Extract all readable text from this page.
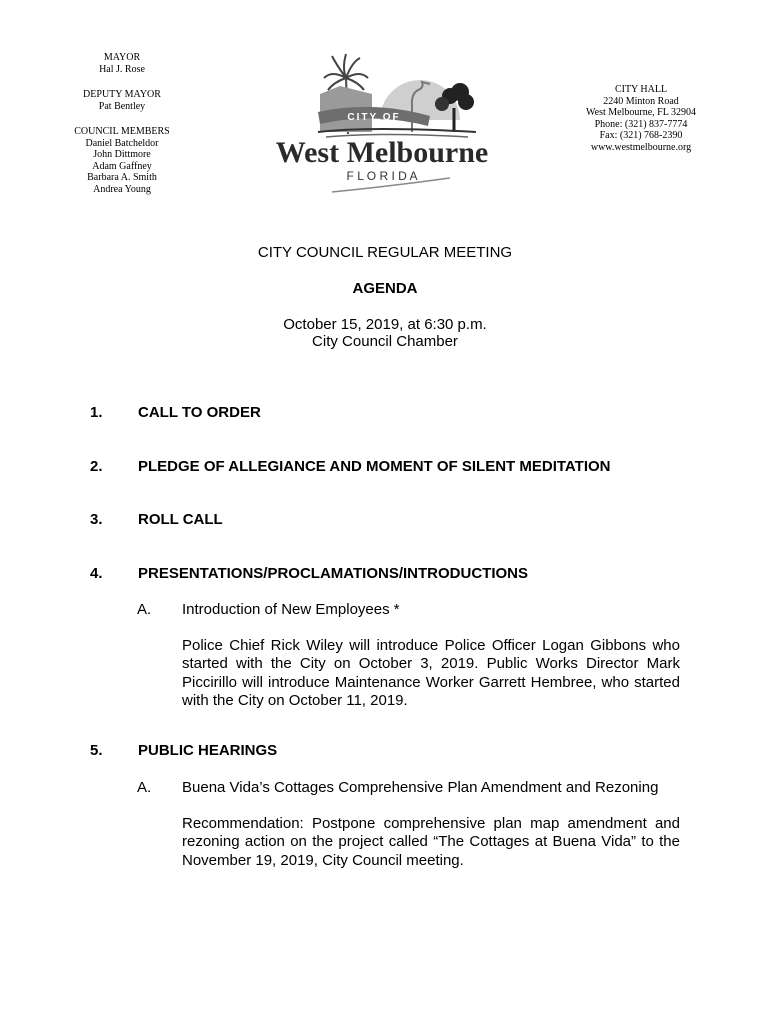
MAYOR
Hal J. Rose
DEPUTY MAYOR
Pat Bentley
COUNCIL MEMBERS
Daniel Batcheldor
John Dittmore
Adam Gaffney
Barbara A. Smith
Andrea Young
CITY OF
West Melbourne
F L O R I D A
CITY HALL
2240 Minton Road
West Melbourne, FL 32904
Phone: (321) 837-7774
Fax: (321) 768-2390
www.westmelbourne.org
CITY COUNCIL REGULAR MEETING
AGENDA
October 15, 2019, at 6:30 p.m.
City Council Chamber
1. CALL TO ORDER
2. PLEDGE OF ALLEGIANCE AND MOMENT OF SILENT MEDITATION
3. ROLL CALL
4. PRESENTATIONS/PROCLAMATIONS/INTRODUCTIONS
A. Introduction of New Employees *
Police Chief Rick Wiley will introduce Police Officer Logan Gibbons who
started with the City on October 3, 2019. Public Works Director Mark
Piccirillo will introduce Maintenance Worker Garrett Hembree, who started
with the City on October 11, 2019.
5. PUBLIC HEARINGS
A. Buena Vida’s Cottages Comprehensive Plan Amendment and Rezoning
Recommendation: Postpone comprehensive plan map amendment and
rezoning action on the project called “The Cottages at Buena Vida” to the
November 19, 2019, City Council meeting.
